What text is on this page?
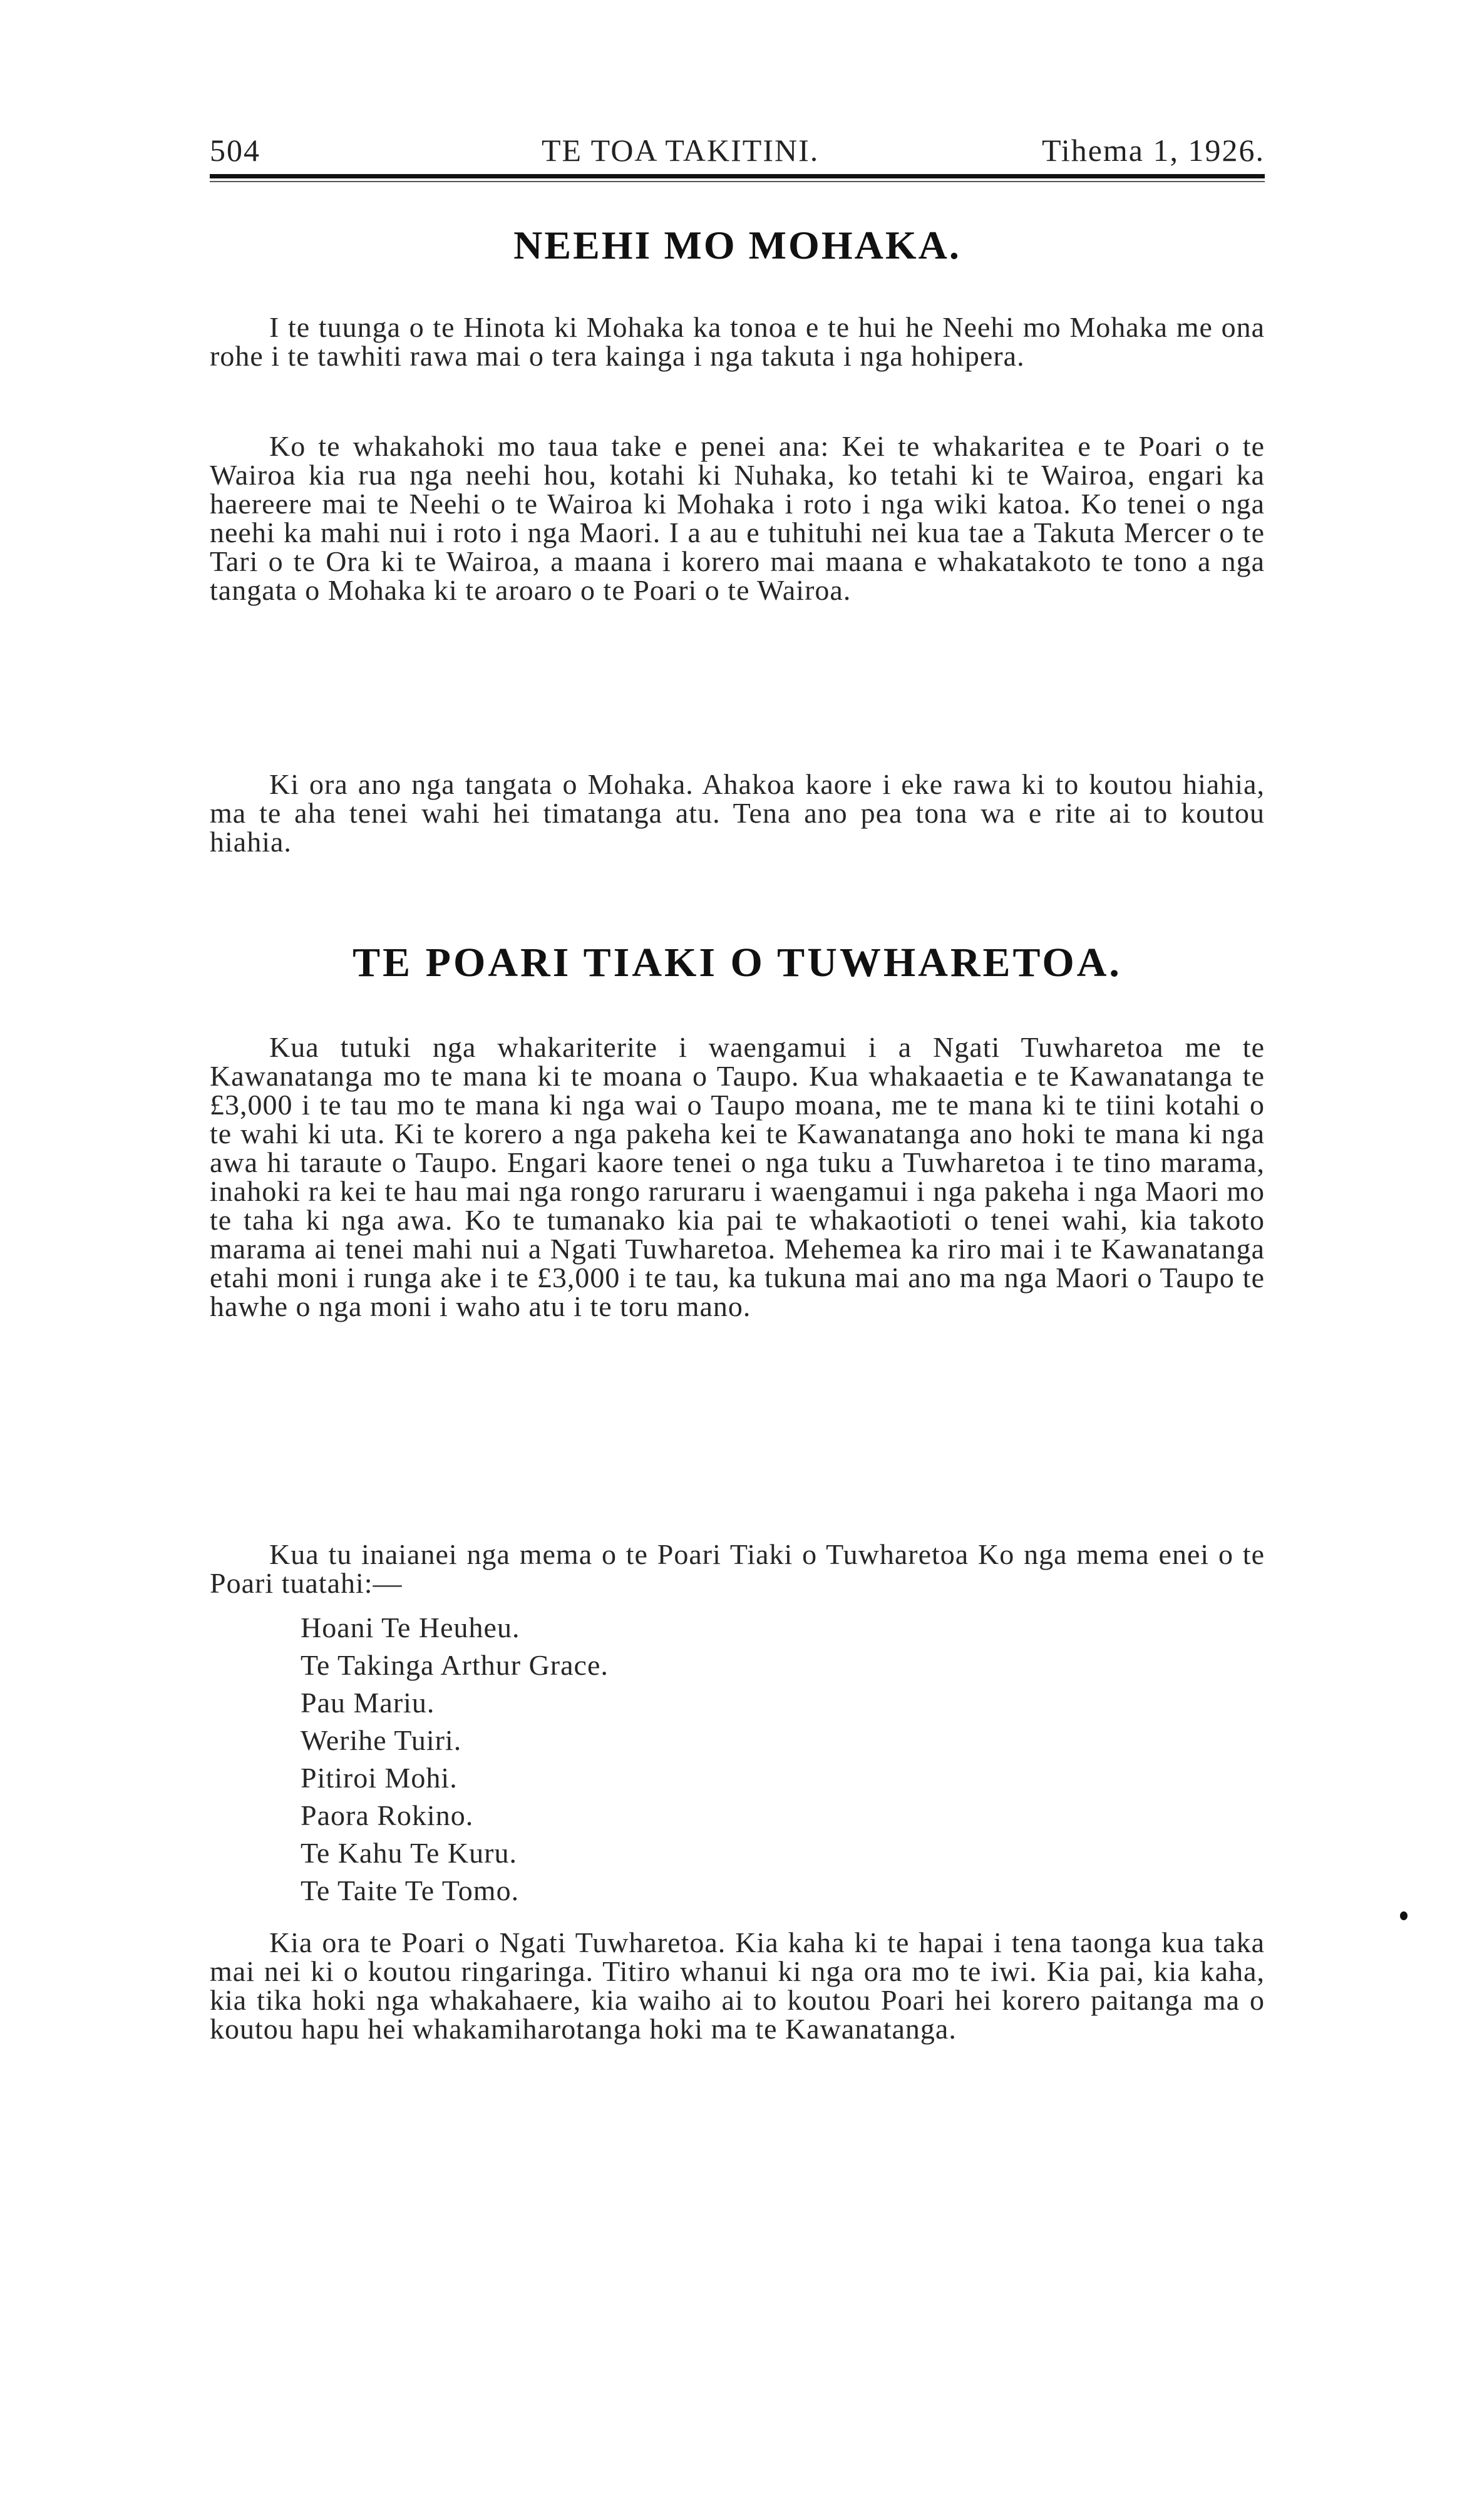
504	TE TOA TAKITINI.	Tihema 1, 1926.
NEEHI MO MOHAKA.

I te tuunga o te Hinota ki Mohaka ka tonoa e te hui he Neehi mo Mohaka me ona rohe i te tawhiti rawa mai o tera kainga i nga takuta i nga hohipera.

Ko te whakahoki mo taua take e penei ana: Kei te whakaritea e te Poari o te Wairoa kia rua nga neehi hou, kotahi ki Nuhaka, ko tetahi ki te Wairoa, engari ka haereere mai te Neehi o te Wairoa ki Mohaka i roto i nga wiki katoa. Ko tenei o nga neehi ka mahi nui i roto i nga Maori. I a au e tuhituhi nei kua tae a Takuta Mercer o te Tari o te Ora ki te Wairoa, a maana i korero mai maana e whakatakoto te tono a nga tangata o Mohaka ki te aroaro o te Poari o te Wairoa.

Ki ora ano nga tangata o Mohaka. Ahakoa kaore i eke rawa ki to koutou hiahia, ma te aha tenei wahi hei timatanga atu. Tena ano pea tona wa e rite ai to koutou hiahia.

TE POARI TIAKI O TUWHARETOA.

Kua tutuki nga whakariterite i waengamui i a Ngati Tuwharetoa me te Kawanatanga mo te mana ki te moana o Taupo. Kua whakaaetia e te Kawanatanga te £3,000 i te tau mo te mana ki nga wai o Taupo moana, me te mana ki te tiini kotahi o te wahi ki uta. Ki te korero a nga pakeha kei te Kawanatanga ano hoki te mana ki nga awa hi taraute o Taupo. Engari kaore tenei o nga tuku a Tuwharetoa i te tino marama, inahoki ra kei te hau mai nga rongo raruraru i waengamui i nga pakeha i nga Maori mo te taha ki nga awa. Ko te tumanako kia pai te whakaotioti o tenei wahi, kia takoto marama ai tenei mahi nui a Ngati Tuwharetoa. Mehemea ka riro mai i te Kawanatanga etahi moni i runga ake i te £3,000 i te tau, ka tukuna mai ano ma nga Maori o Taupo te hawhe o nga moni i waho atu i te toru mano.

Kua tu inaianei nga mema o te Poari Tiaki o Tuwharetoa Ko nga mema enei o te Poari tuatahi:—

Hoani Te Heuheu.
Te Takinga Arthur Grace.
Pau Mariu.
Werihe Tuiri.
Pitiroi Mohi.
Paora Rokino.
Te Kahu Te Kuru.
Te Taite Te Tomo.

Kia ora te Poari o Ngati Tuwharetoa. Kia kaha ki te hapai i tena taonga kua taka mai nei ki o koutou ringaringa. Titiro whanui ki nga ora mo te iwi. Kia pai, kia kaha, kia tika hoki nga whakahaere, kia waiho ai to koutou Poari hei korero paitanga ma o koutou hapu hei whakamiharotanga hoki ma te Kawanatanga.
